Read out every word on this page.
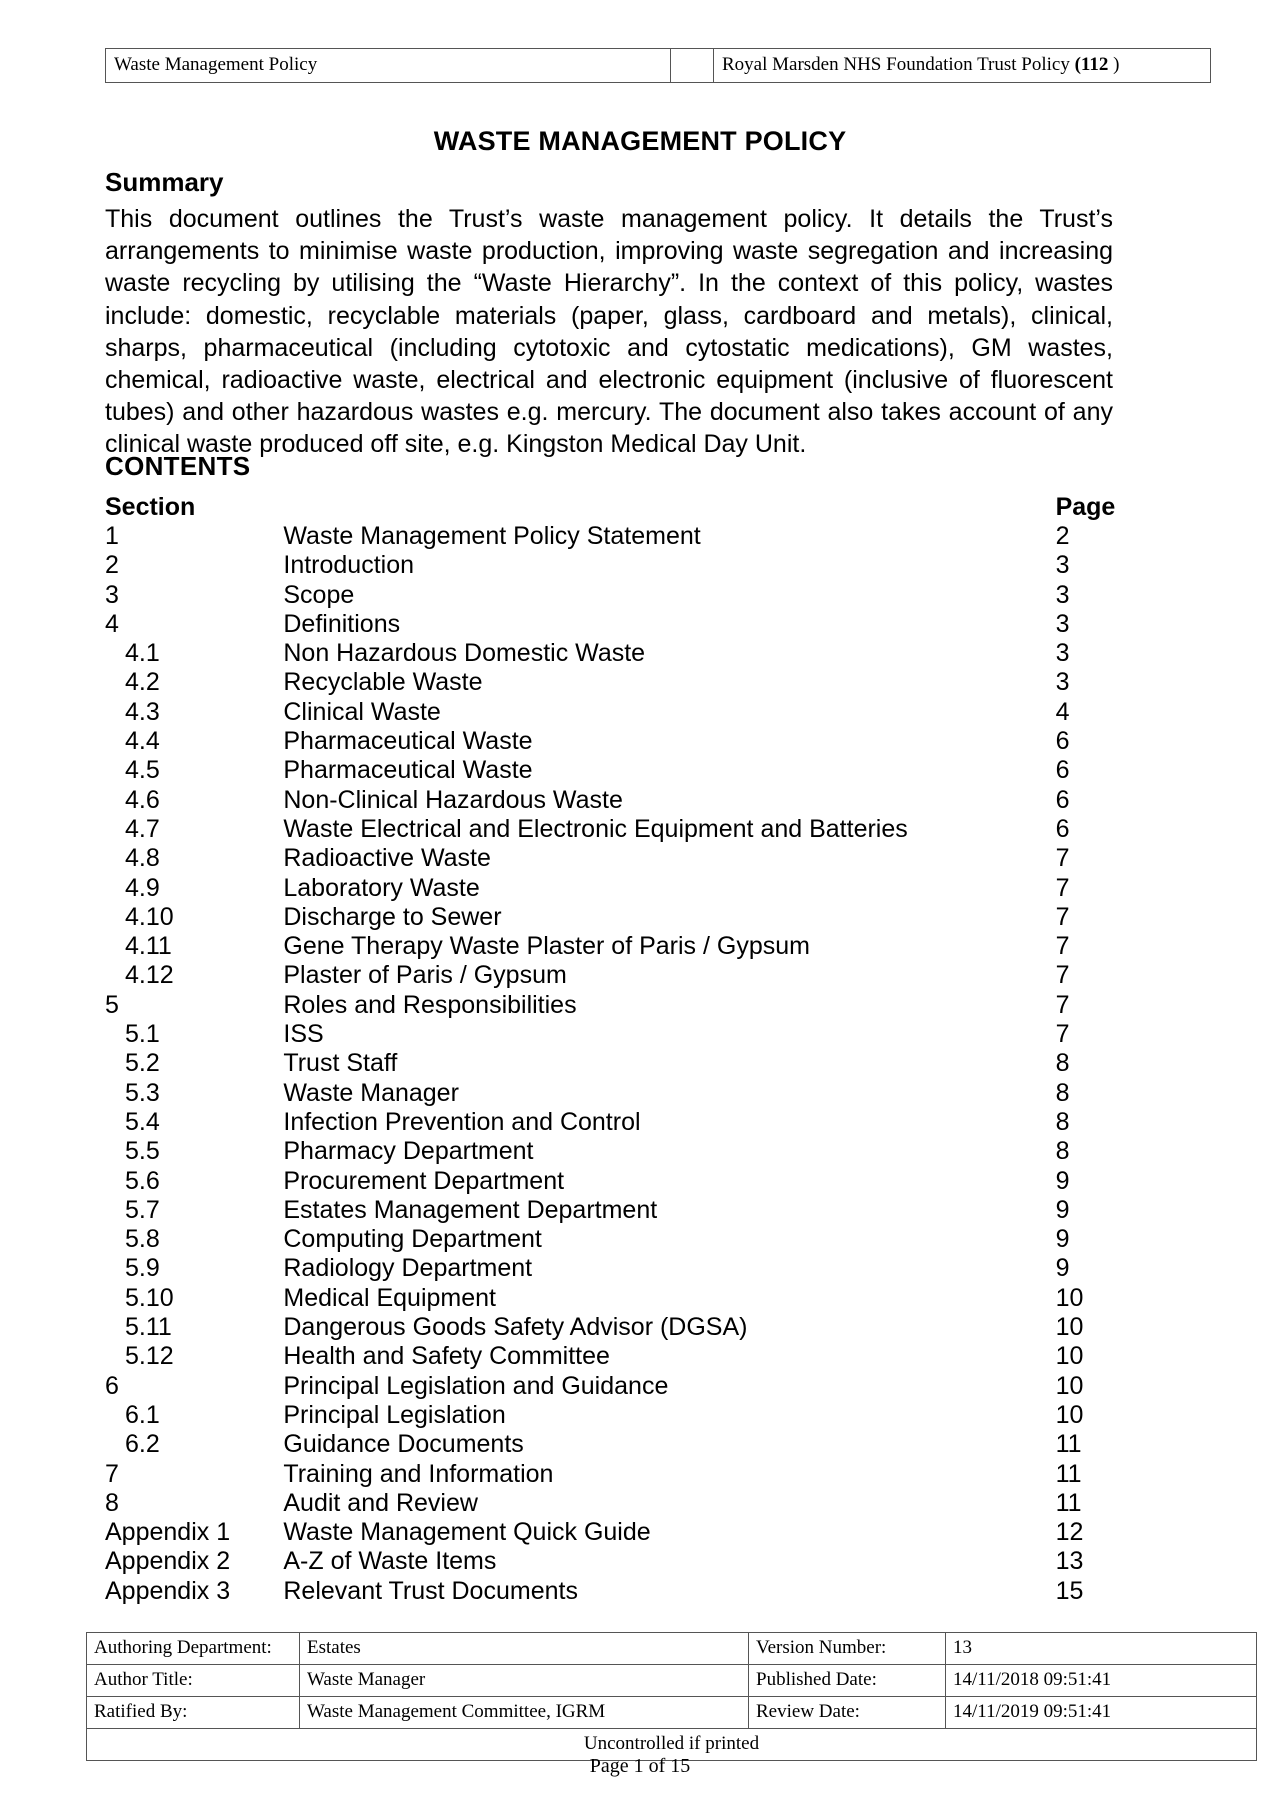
Waste Management Policy		Royal Marsden NHS Foundation Trust Policy (112 )
WASTE MANAGEMENT POLICY
Summary
This document outlines the Trust’s waste management policy. It details the Trust’s arrangements to minimise waste production, improving waste segregation and increasing waste recycling by utilising the “Waste Hierarchy”. In the context of this policy, wastes include: domestic, recyclable materials (paper, glass, cardboard and metals), clinical, sharps, pharmaceutical (including cytotoxic and cytostatic medications), GM wastes, chemical, radioactive waste, electrical and electronic equipment (inclusive of fluorescent tubes) and other hazardous wastes e.g. mercury. The document also takes account of any clinical waste produced off site, e.g. Kingston Medical Day Unit.
CONTENTS
Section		Page
1	Waste Management Policy Statement	2
2	Introduction	3
3	Scope	3
4	Definitions	3
4.1	Non Hazardous Domestic Waste	3
4.2	Recyclable Waste	3
4.3	Clinical Waste	4
4.4	Pharmaceutical Waste	6
4.5	Pharmaceutical Waste	6
4.6	Non-Clinical Hazardous Waste	6
4.7	Waste Electrical and Electronic Equipment and Batteries	6
4.8	Radioactive Waste	7
4.9	Laboratory Waste	7
4.10	Discharge to Sewer	7
4.11	Gene Therapy Waste Plaster of Paris / Gypsum	7
4.12	Plaster of Paris / Gypsum	7
5	Roles and Responsibilities	7
5.1	ISS	7
5.2	Trust Staff	8
5.3	Waste Manager	8
5.4	Infection Prevention and Control	8
5.5	Pharmacy Department	8
5.6	Procurement Department	9
5.7	Estates Management Department	9
5.8	Computing Department	9
5.9	Radiology Department	9
5.10	Medical Equipment	10
5.11	Dangerous Goods Safety Advisor (DGSA)	10
5.12	Health and Safety Committee	10
6	Principal Legislation and Guidance	10
6.1	Principal Legislation	10
6.2	Guidance Documents	11
7	Training and Information	11
8	Audit and Review	11
Appendix 1	Waste Management Quick Guide	12
Appendix 2	A-Z of Waste Items	13
Appendix 3	Relevant Trust Documents	15
Authoring Department:	Estates	Version Number:	13
Author Title:	Waste Manager	Published Date:	14/11/2018 09:51:41
Ratified By:	Waste Management Committee, IGRM	Review Date:	14/11/2019 09:51:41
Uncontrolled if printed			
Page 1 of 15
